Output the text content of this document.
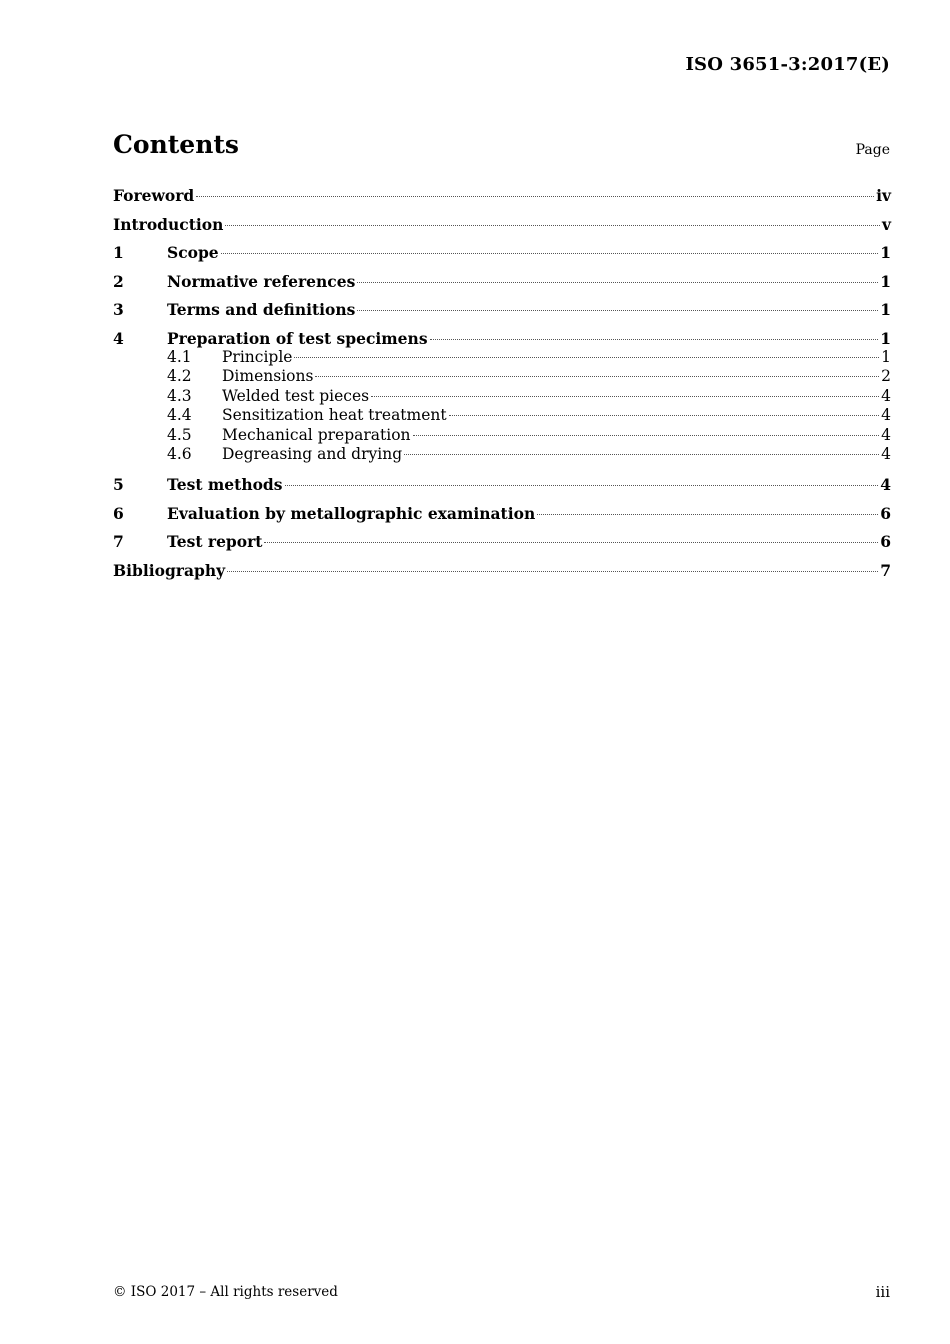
ISO 3651-3:2017(E)
Contents	Page
Foreword	iv
Introduction	v
1	Scope	1
2	Normative references	1
3	Terms and definitions	1
4	Preparation of test specimens	1
4.1	Principle	1
4.2	Dimensions	2
4.3	Welded test pieces	4
4.4	Sensitization heat treatment	4
4.5	Mechanical preparation	4
4.6	Degreasing and drying	4
5	Test methods	4
6	Evaluation by metallographic examination	6
7	Test report	6
Bibliography	7
© ISO 2017 – All rights reserved	iii
